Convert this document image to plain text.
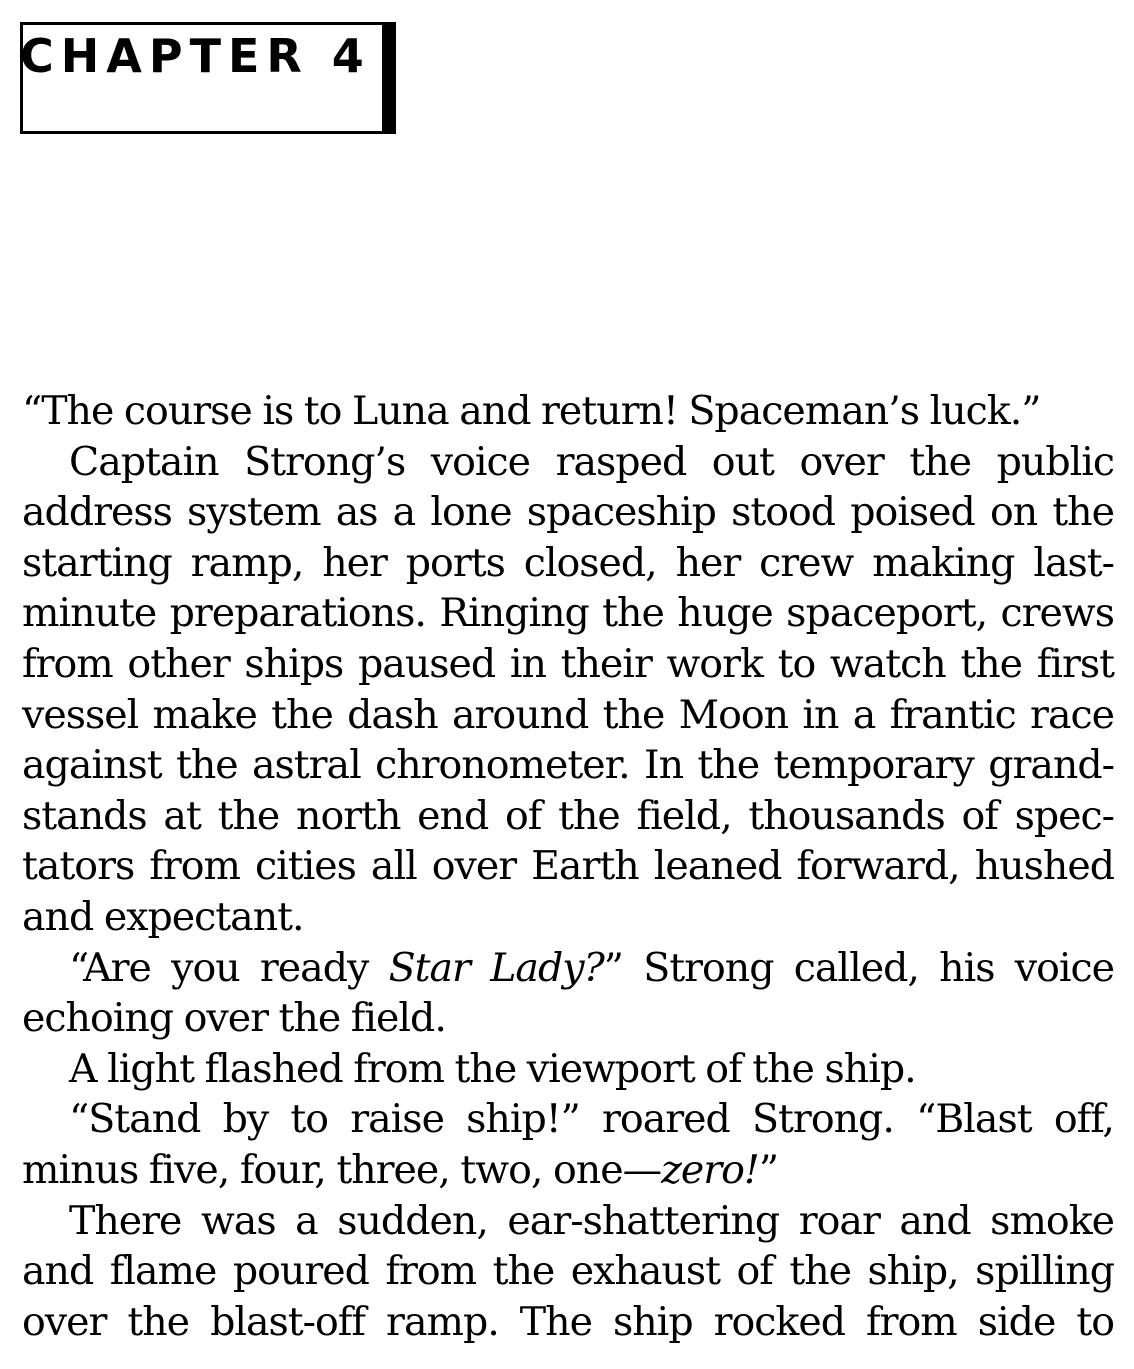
CHAPTER 4

“The course is to Luna and return! Spaceman’s luck.”

Captain Strong’s voice rasped out over the public address system as a lone spaceship stood poised on the starting ramp, her ports closed, her crew making last-minute preparations. Ringing the huge spaceport, crews from other ships paused in their work to watch the first vessel make the dash around the Moon in a frantic race against the astral chronometer. In the temporary grand-stands at the north end of the field, thousands of spec-tators from cities all over Earth leaned forward, hushed and expectant.

“Are you ready Star Lady?” Strong called, his voice echoing over the field.

A light flashed from the viewport of the ship.

“Stand by to raise ship!” roared Strong. “Blast off, minus five, four, three, two, one—zero!”

There was a sudden, ear-shattering roar and smoke and flame poured from the exhaust of the ship, spilling over the blast-off ramp. The ship rocked from side to
